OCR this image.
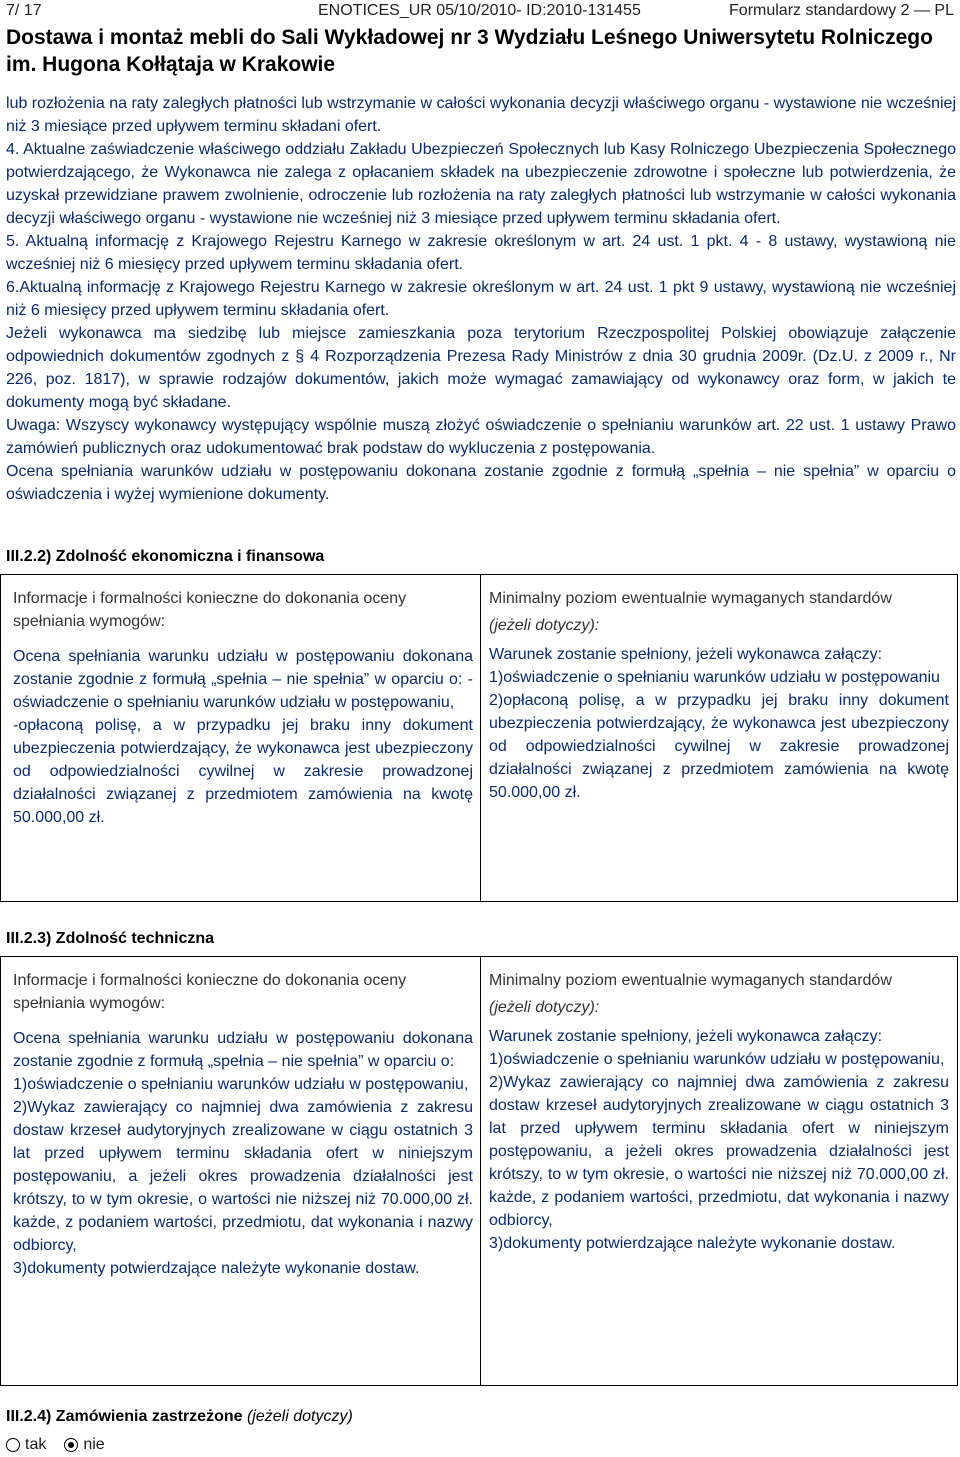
7/ 17	ENOTICES_UR 05/10/2010- ID:2010-131455	Formularz standardowy 2 — PL
Dostawa i montaż mebli do Sali Wykładowej nr 3 Wydziału Leśnego Uniwersytetu Rolniczego im. Hugona Kołłątaja w Krakowie

lub rozłożenia na raty zaległych płatności lub wstrzymanie w całości wykonania decyzji właściwego organu - wystawione nie wcześniej niż 3 miesiące przed upływem terminu składani ofert.

4. Aktualne zaświadczenie właściwego oddziału Zakładu Ubezpieczeń Społecznych lub Kasy Rolniczego Ubezpieczenia Społecznego potwierdzającego, że Wykonawca nie zalega z opłacaniem składek na ubezpieczenie zdrowotne i społeczne lub potwierdzenia, że uzyskał przewidziane prawem zwolnienie, odroczenie lub rozłożenia na raty zaległych płatności lub wstrzymanie w całości wykonania decyzji właściwego organu - wystawione nie wcześniej niż 3 miesiące przed upływem terminu składania ofert.

5. Aktualną informację z Krajowego Rejestru Karnego w zakresie określonym w art. 24 ust. 1 pkt. 4 - 8 ustawy, wystawioną nie wcześniej niż 6 miesięcy przed upływem terminu składania ofert.

6.Aktualną informację z Krajowego Rejestru Karnego w zakresie określonym w art. 24 ust. 1 pkt 9 ustawy, wystawioną nie wcześniej niż 6 miesięcy przed upływem terminu składania ofert.

Jeżeli wykonawca ma siedzibę lub miejsce zamieszkania poza terytorium Rzeczpospolitej Polskiej obowiązuje załączenie odpowiednich dokumentów zgodnych z § 4 Rozporządzenia Prezesa Rady Ministrów z dnia 30 grudnia 2009r. (Dz.U. z 2009 r., Nr 226, poz. 1817), w sprawie rodzajów dokumentów, jakich może wymagać zamawiający od wykonawcy oraz form, w jakich te dokumenty mogą być składane.

Uwaga: Wszyscy wykonawcy występujący wspólnie muszą złożyć oświadczenie o spełnianiu warunków art. 22 ust. 1 ustawy Prawo zamówień publicznych oraz udokumentować brak podstaw do wykluczenia z postępowania.

Ocena spełniania warunków udziału w postępowaniu dokonana zostanie zgodnie z formułą „spełnia – nie spełnia” w oparciu o oświadczenia i wyżej wymienione dokumenty.

III.2.2) Zdolność ekonomiczna i finansowa

Informacje i formalności konieczne do dokonania oceny spełniania wymogów:

Ocena spełniania warunku udziału w postępowaniu dokonana zostanie zgodnie z formułą „spełnia – nie spełnia” w oparciu o: -oświadczenie o spełnianiu warunków udziału w postępowaniu,
-opłaconą polisę, a w przypadku jej braku inny dokument ubezpieczenia potwierdzający, że wykonawca jest ubezpieczony od odpowiedzialności cywilnej w zakresie prowadzonej działalności związanej z przedmiotem zamówienia na kwotę 50.000,00 zł.

Minimalny poziom ewentualnie wymaganych standardów

(jeżeli dotyczy):

Warunek zostanie spełniony, jeżeli wykonawca załączy:
1)oświadczenie o spełnianiu warunków udziału w postępowaniu
2)opłaconą polisę, a w przypadku jej braku inny dokument ubezpieczenia potwierdzający, że wykonawca jest ubezpieczony od odpowiedzialności cywilnej w zakresie prowadzonej działalności związanej z przedmiotem zamówienia na kwotę 50.000,00 zł.

III.2.3) Zdolność techniczna

Informacje i formalności konieczne do dokonania oceny spełniania wymogów:

Ocena spełniania warunku udziału w postępowaniu dokonana zostanie zgodnie z formułą „spełnia – nie spełnia” w oparciu o:
1)oświadczenie o spełnianiu warunków udziału w postępowaniu,
2)Wykaz zawierający co najmniej dwa zamówienia z zakresu dostaw krzeseł audytoryjnych zrealizowane w ciągu ostatnich 3 lat przed upływem terminu składania ofert w niniejszym postępowaniu, a jeżeli okres prowadzenia działalności jest krótszy, to w tym okresie, o wartości nie niższej niż 70.000,00 zł. każde, z podaniem wartości, przedmiotu, dat wykonania i nazwy odbiorcy,
3)dokumenty potwierdzające należyte wykonanie dostaw.

Minimalny poziom ewentualnie wymaganych standardów

(jeżeli dotyczy):

Warunek zostanie spełniony, jeżeli wykonawca załączy:
1)oświadczenie o spełnianiu warunków udziału w postępowaniu,
2)Wykaz zawierający co najmniej dwa zamówienia z zakresu dostaw krzeseł audytoryjnych zrealizowane w ciągu ostatnich 3 lat przed upływem terminu składania ofert w niniejszym postępowaniu, a jeżeli okres prowadzenia działalności jest krótszy, to w tym okresie, o wartości nie niższej niż 70.000,00 zł. każde, z podaniem wartości, przedmiotu, dat wykonania i nazwy odbiorcy,
3)dokumenty potwierdzające należyte wykonanie dostaw.

III.2.4) Zamówienia zastrzeżone (jeżeli dotyczy)
tak nie
